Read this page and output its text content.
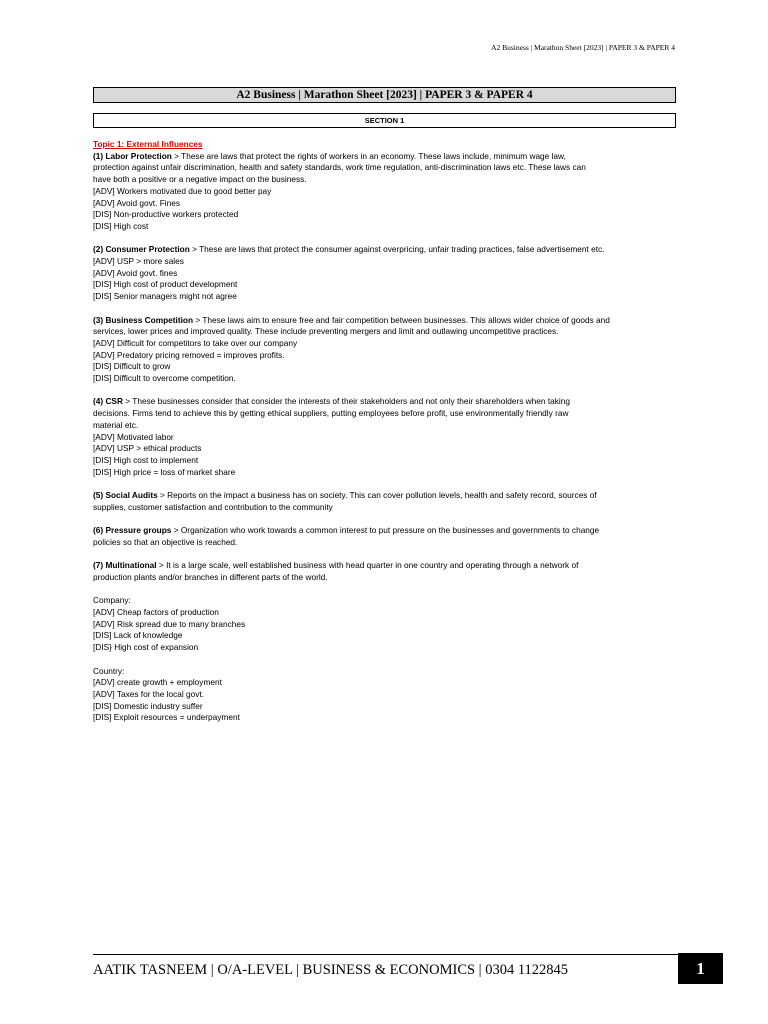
A2 Business | Marathon Sheet [2023] | PAPER 3 & PAPER 4
A2 Business | Marathon Sheet [2023] | PAPER 3 & PAPER 4
SECTION 1
Topic 1: External Influences
(1) Labor Protection > These are laws that protect the rights of workers in an economy. These laws include, minimum wage law,
protection against unfair discrimination, health and safety standards, work time regulation, anti-discrimination laws etc. These laws can
have both a positive or a negative impact on the business.
[ADV] Workers motivated due to good better pay
[ADV] Avoid govt. Fines
[DIS] Non-productive workers protected
[DIS] High cost
(2) Consumer Protection > These are laws that protect the consumer against overpricing, unfair trading practices, false advertisement etc.
[ADV] USP > more sales
[ADV] Avoid govt. fines
[DIS] High cost of product development
[DIS] Senior managers might not agree
(3) Business Competition > These laws aim to ensure free and fair competition between businesses. This allows wider choice of goods and
services, lower prices and improved quality. These include preventing mergers and limit and outlawing uncompetitive practices.
[ADV] Difficult for competitors to take over our company
[ADV] Predatory pricing removed = improves profits.
[DIS] Difficult to grow
[DIS] Difficult to overcome competition.
(4) CSR > These businesses consider that consider the interests of their stakeholders and not only their shareholders when taking
decisions. Firms tend to achieve this by getting ethical suppliers, putting employees before profit, use environmentally friendly raw
material etc.
[ADV] Motivated labor
[ADV] USP > ethical products
[DIS] High cost to implement
[DIS] High price = loss of market share
(5) Social Audits > Reports on the impact a business has on society. This can cover pollution levels, health and safety record, sources of
supplies, customer satisfaction and contribution to the community
(6) Pressure groups > Organization who work towards a common interest to put pressure on the businesses and governments to change
policies so that an objective is reached.
(7) Multinational > It is a large scale, well established business with head quarter in one country and operating through a network of
production plants and/or branches in different parts of the world.
Company:
[ADV] Cheap factors of production
[ADV] Risk spread due to many branches
[DIS] Lack of knowledge
[DIS} High cost of expansion
Country:
[ADV] create growth + employment
[ADV] Taxes for the local govt.
[DIS] Domestic industry suffer
[DIS] Exploit resources = underpayment
AATIK TASNEEM | O/A-LEVEL | BUSINESS & ECONOMICS | 0304 1122845	1
